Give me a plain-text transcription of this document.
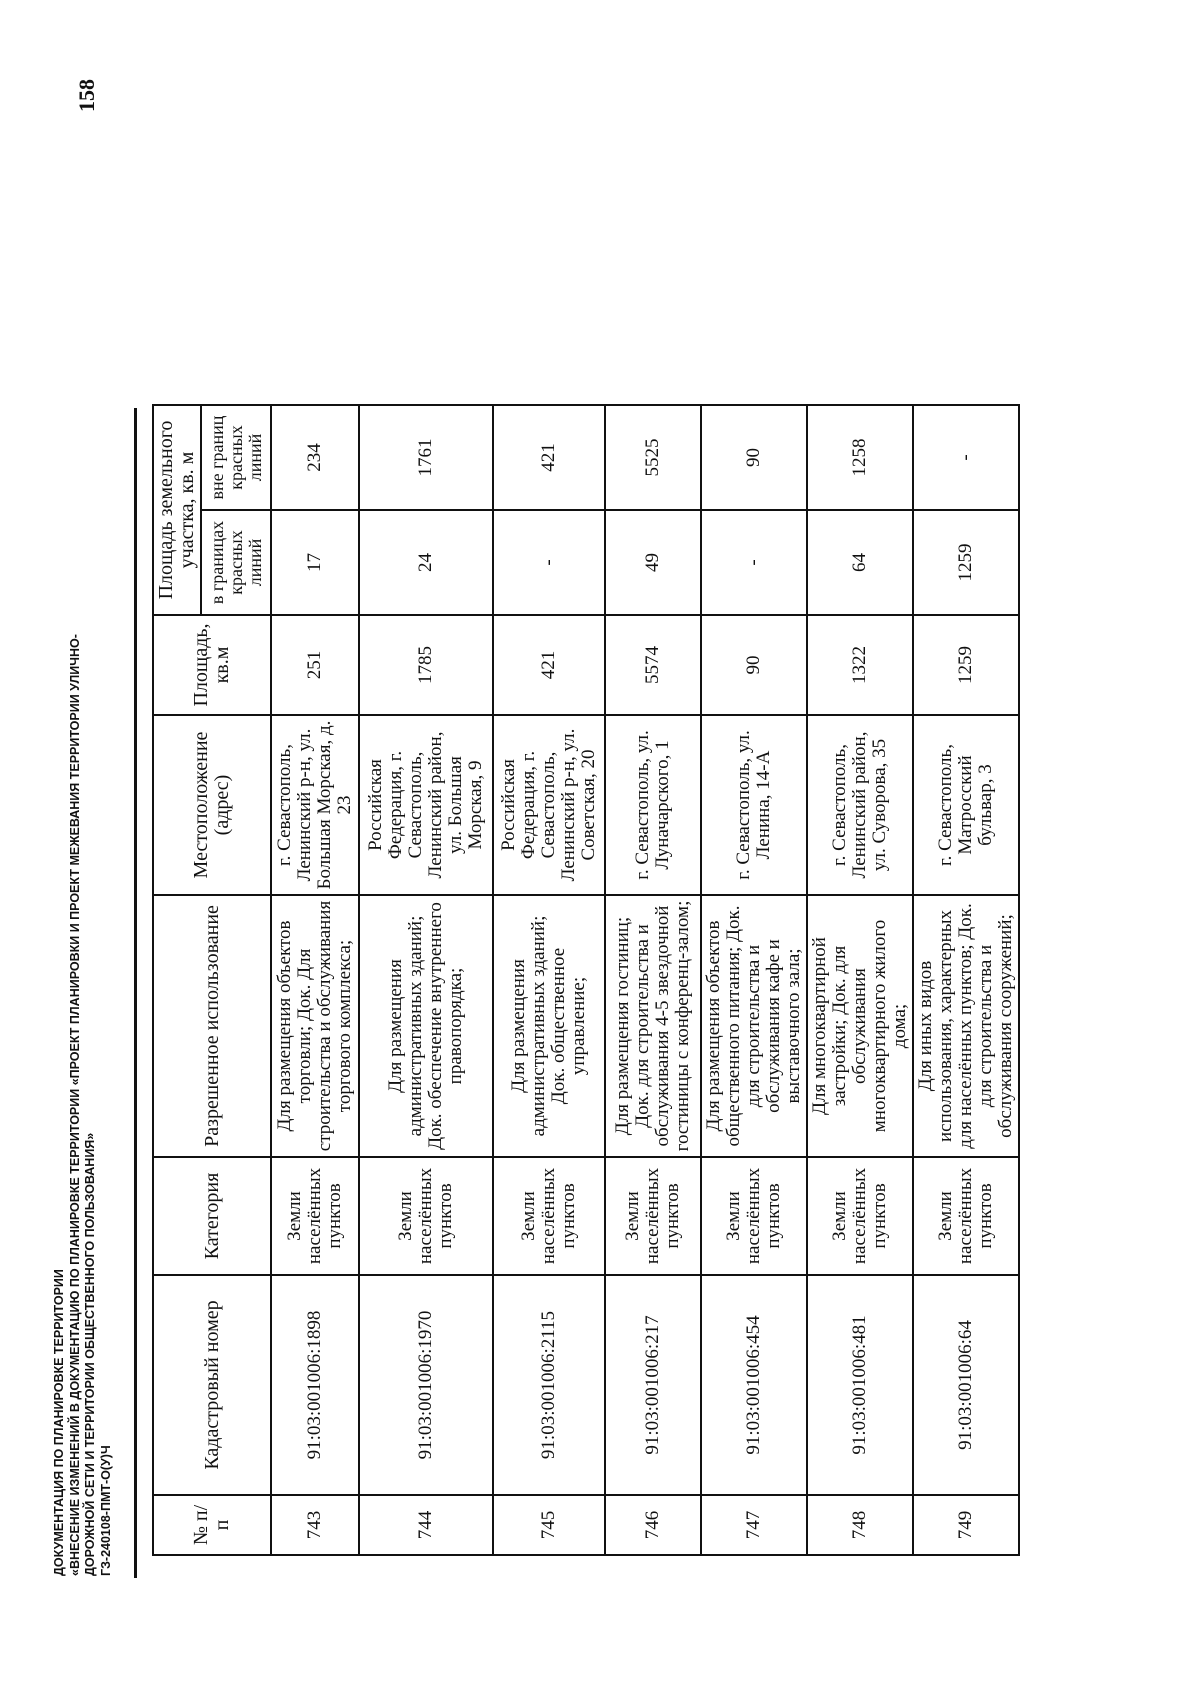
ДОКУМЕНТАЦИЯ ПО ПЛАНИРОВКЕ ТЕРРИТОРИИ «ВНЕСЕНИЕ ИЗМЕНЕНИЙ В ДОКУМЕНТАЦИЮ ПО ПЛАНИРОВКЕ ТЕРРИТОРИИ «ПРОЕКТ ПЛАНИРОВКИ И ПРОЕКТ МЕЖЕВАНИЯ ТЕРРИТОРИИ УЛИЧНО- ДОРОЖНОЙ СЕТИ И ТЕРРИТОРИИ ОБЩЕСТВЕННОГО ПОЛЬЗОВАНИЯ» ГЗ-240108-ПМТ-О(У)Ч
158
№ п/п	Кадастровый номер	Категория	Разрешенное использование	Местоположение (адрес)	Площадь, кв.м	Площадь земельного участка, кв. м	
						в границах красных линий	вне границ красных линий
743	91:03:001006:1898	Земли населённых пунктов	Для размещения объектов торговли; Док. Для строительства и обслуживания торгового комплекса;	г. Севастополь, Ленинский р-н, ул. Большая Морская, д. 23	251	17	234
744	91:03:001006:1970	Земли населённых пунктов	Для размещения административных зданий; Док. обеспечение внутреннего правопорядка;	Российская Федерация, г. Севастополь, Ленинский район, ул. Большая Морская, 9	1785	24	1761
745	91:03:001006:2115	Земли населённых пунктов	Для размещения административных зданий; Док. общественное управление;	Российская Федерация, г. Севастополь, Ленинский р-н, ул. Советская, 20	421	-	421
746	91:03:001006:217	Земли населённых пунктов	Для размещения гостиниц; Док. для строительства и обслуживания 4-5 звездочной гостиницы с конференц-залом;	г. Севастополь, ул. Луначарского, 1	5574	49	5525
747	91:03:001006:454	Земли населённых пунктов	Для размещения объектов общественного питания; Док. для строительства и обслуживания кафе и выставочного зала;	г. Севастополь, ул. Ленина, 14-А	90	-	90
748	91:03:001006:481	Земли населённых пунктов	Для многоквартирной застройки; Док. для обслуживания многоквартирного жилого дома;	г. Севастополь, Ленинский район, ул. Суворова, 35	1322	64	1258
749	91:03:001006:64	Земли населённых пунктов	Для иных видов использования, характерных для населённых пунктов; Док. для строительства и обслуживания сооружений;	г. Севастополь, Матросский бульвар, 3	1259	1259	-
